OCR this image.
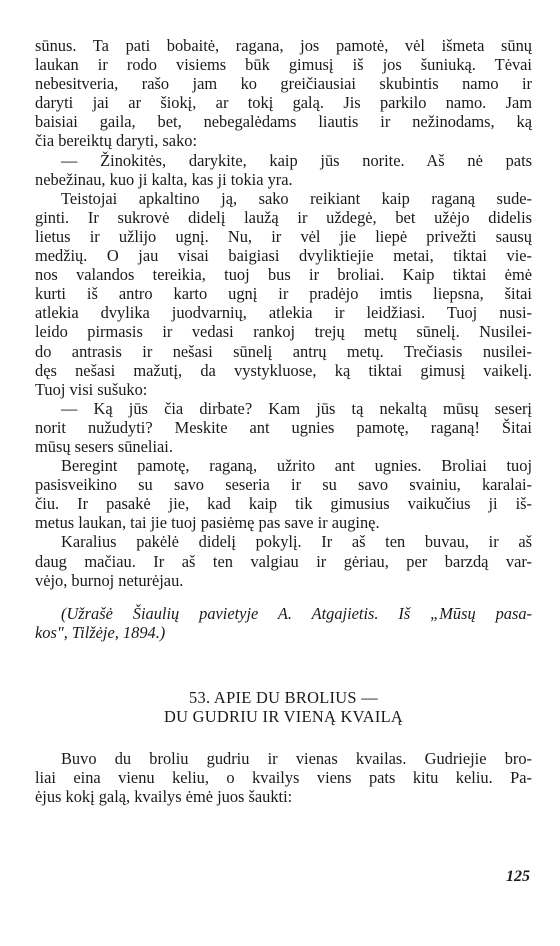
sūnus. Ta pati bobaitė, ragana, jos pamotė, vėl išmeta sūnų
laukan ir rodo visiems būk gimusį iš jos šuniuką. Tėvai
nebesitveria, rašo jam ko greičiausiai skubintis namo ir
daryti jai ar šiokį, ar tokį galą. Jis parkilo namo. Jam
baisiai gaila, bet, nebegalėdams liautis ir nežinodams, ką
čia bereiktų daryti, sako:
— Žinokitės, darykite, kaip jūs norite. Aš nė pats
nebežinau, kuo ji kalta, kas ji tokia yra.
Teistojai apkaltino ją, sako reikiant kaip raganą sude-
ginti. Ir sukrovė didelį laužą ir uždegė, bet užėjo didelis
lietus ir užlijo ugnį. Nu, ir vėl jie liepė privežti sausų
medžių. O jau visai baigiasi dvyliktiejie metai, tiktai vie-
nos valandos tereikia, tuoj bus ir broliai. Kaip tiktai ėmė
kurti iš antro karto ugnį ir pradėjo imtis liepsna, šitai
atlekia dvylika juodvarnių, atlekia ir leidžiasi. Tuoj nusi-
leido pirmasis ir vedasi rankoj trejų metų sūnelį. Nusilei-
do antrasis ir nešasi sūnelį antrų metų. Trečiasis nusilei-
dęs nešasi mažutį, da vystykluose, ką tiktai gimusį vaikelį.
Tuoj visi sušuko:
— Ką jūs čia dirbate? Kam jūs tą nekaltą mūsų seserį
norit nužudyti? Meskite ant ugnies pamotę, raganą! Šitai
mūsų sesers sūneliai.
Beregint pamotę, raganą, užrito ant ugnies. Broliai tuoj
pasisveikino su savo seseria ir su savo svainiu, karalai-
čiu. Ir pasakė jie, kad kaip tik gimusius vaikučius ji iš-
metus laukan, tai jie tuoj pasiėmę pas save ir auginę.
Karalius pakėlė didelį pokylį. Ir aš ten buvau, ir aš
daug mačiau. Ir aš ten valgiau ir gėriau, per barzdą var-
vėjo, burnoj neturėjau.
(Užrašė Šiaulių pavietyje A. Atgajietis. Iš „Mūsų pasa-
kos", Tilžėje, 1894.)
53. APIE DU BROLIUS —
DU GUDRIU IR VIENĄ KVAILĄ
Buvo du broliu gudriu ir vienas kvailas. Gudriejie bro-
liai eina vienu keliu, o kvailys viens pats kitu keliu. Pa-
ėjus kokį galą, kvailys ėmė juos šaukti:
125
